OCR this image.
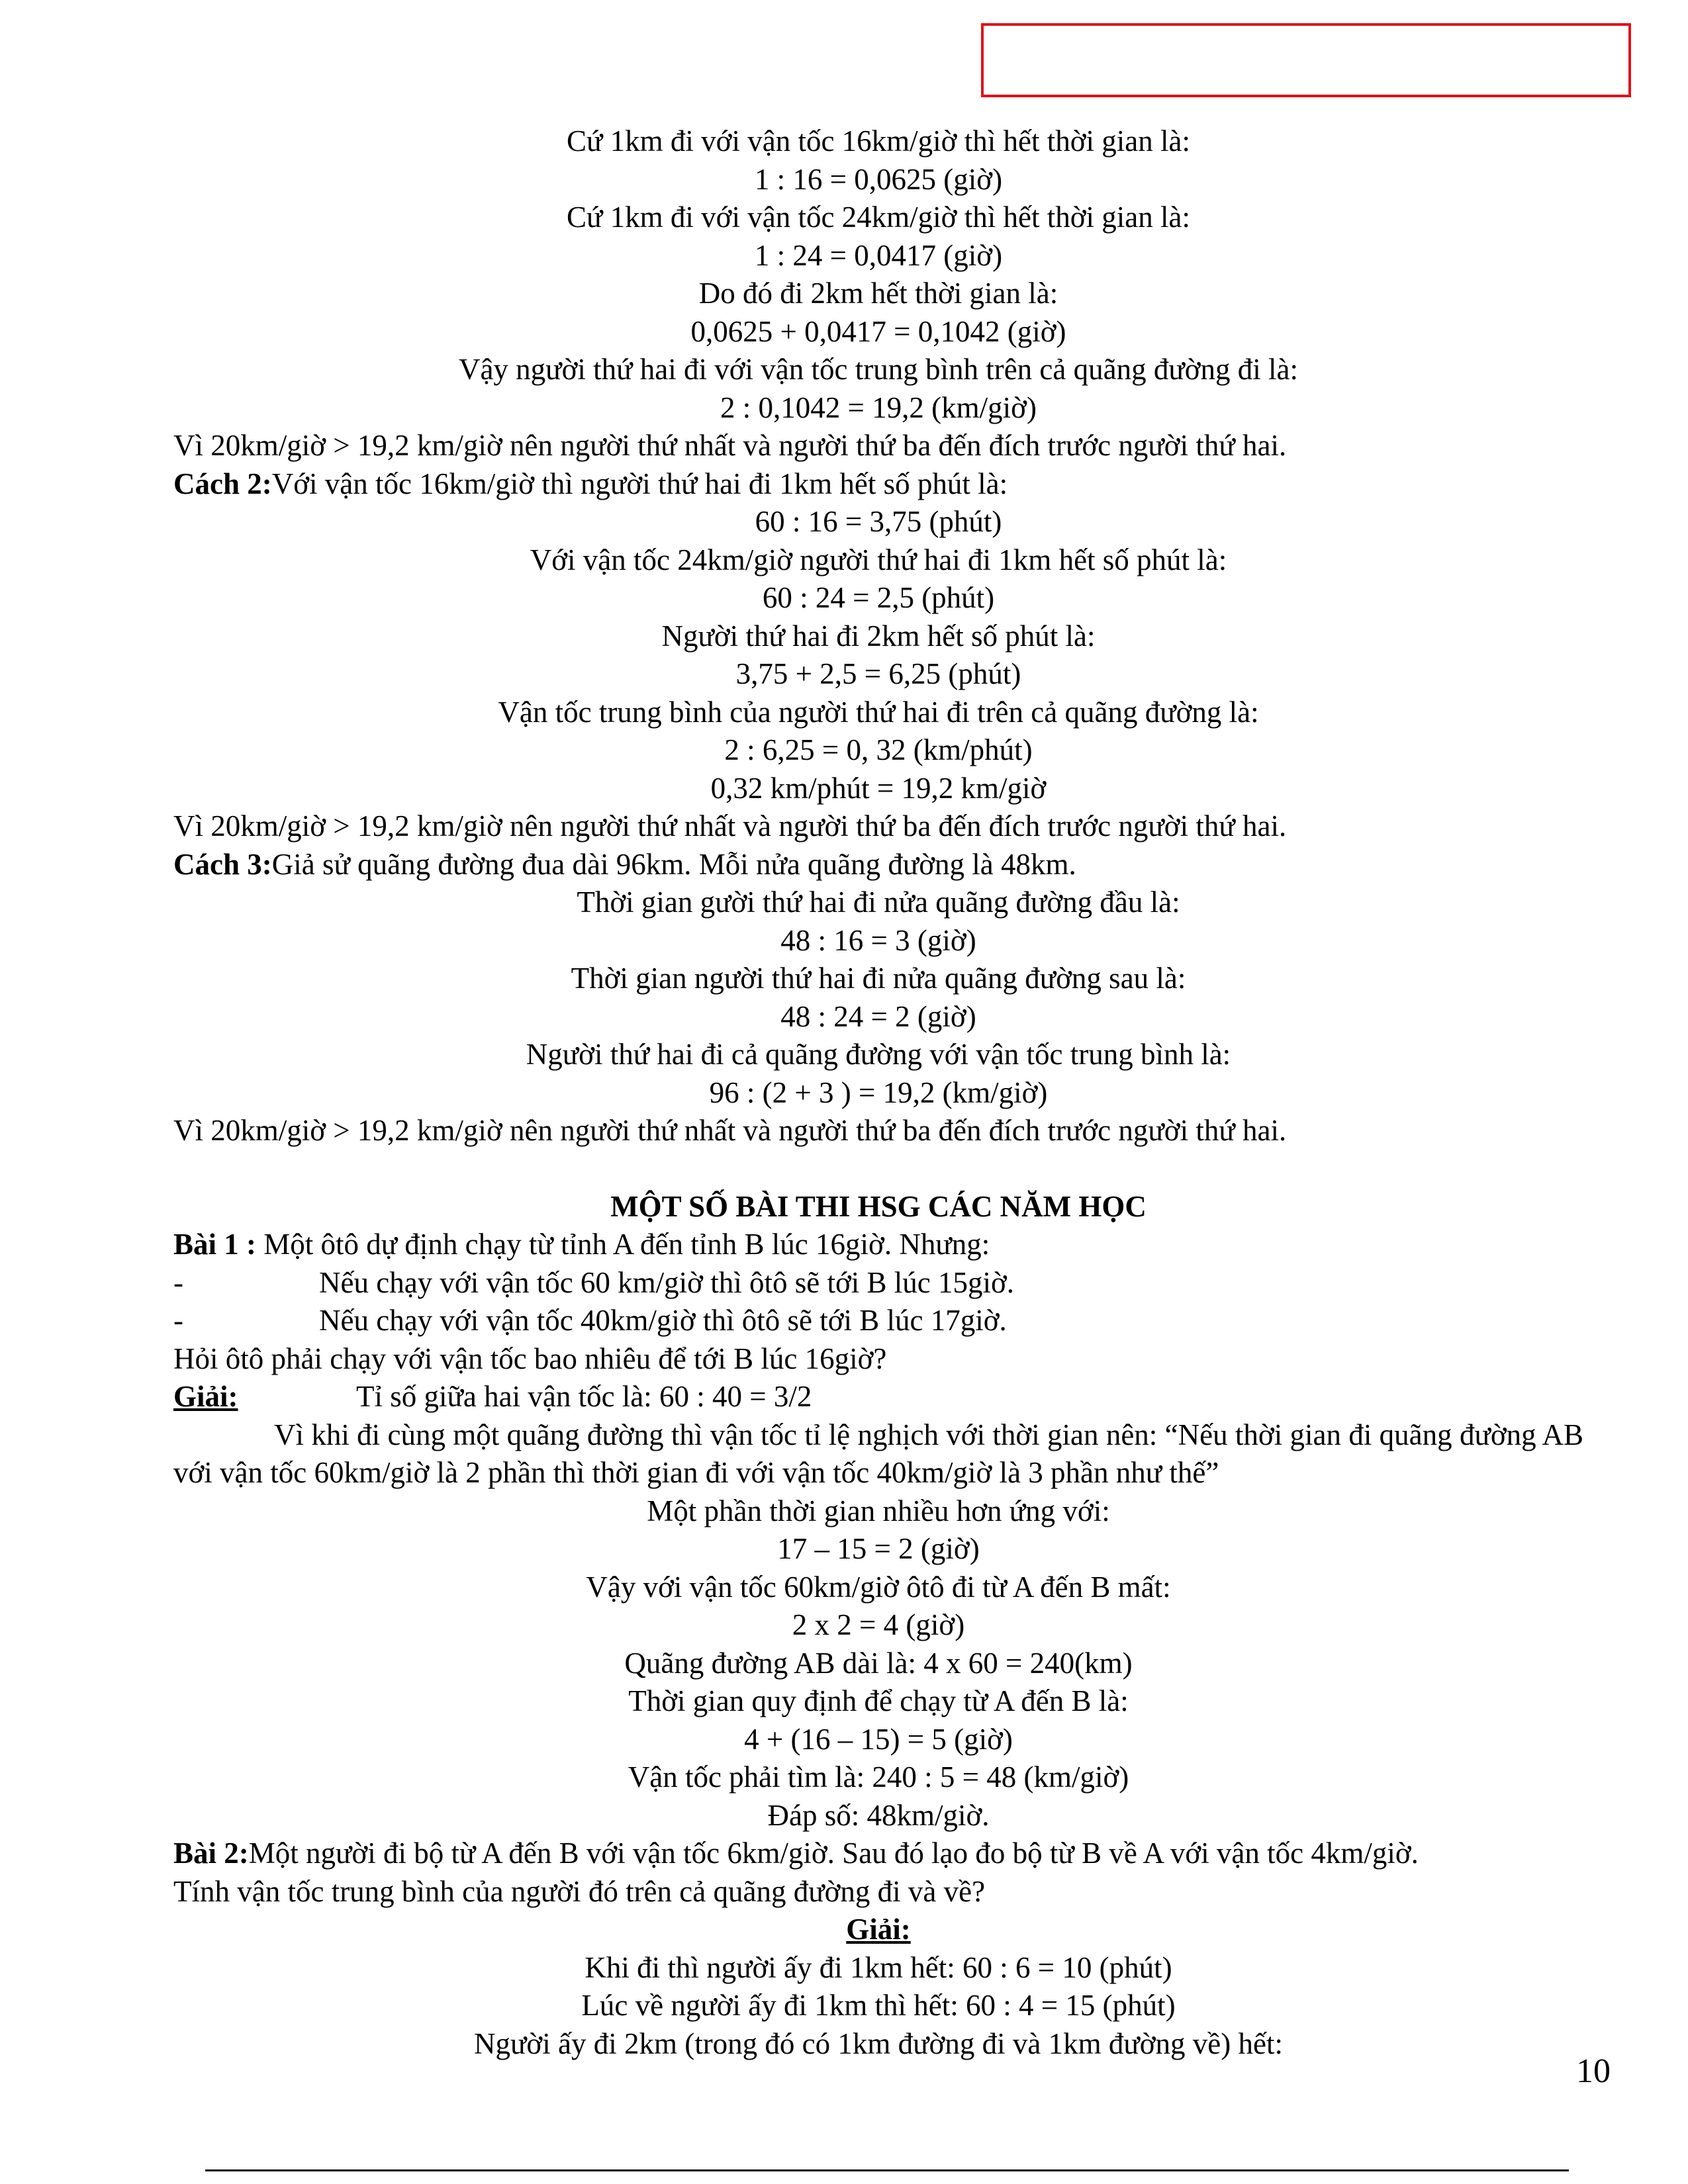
Cứ 1km đi với vận tốc 16km/giờ thì hết thời gian là:
1 : 16 = 0,0625 (giờ)
Cứ 1km đi với vận tốc 24km/giờ thì hết thời gian là:
1 : 24 = 0,0417 (giờ)
Do đó đi 2km hết thời gian là:
0,0625 + 0,0417 = 0,1042 (giờ)
Vậy người thứ hai đi với vận tốc trung bình trên cả quãng đường đi là:
2 : 0,1042 = 19,2 (km/giờ)
Vì 20km/giờ > 19,2 km/giờ nên người thứ nhất và người thứ ba đến đích trước người thứ hai.
Cách 2:Với vận tốc 16km/giờ thì người thứ hai đi 1km hết số phút là:
60 : 16 = 3,75 (phút)
Với vận tốc 24km/giờ người thứ hai đi 1km hết số phút là:
60 : 24 = 2,5 (phút)
Người thứ hai đi 2km hết số phút là:
3,75 + 2,5 = 6,25 (phút)
Vận tốc trung bình của người thứ hai đi trên cả quãng đường là:
2 : 6,25 = 0, 32 (km/phút)
0,32 km/phút = 19,2 km/giờ
Vì 20km/giờ > 19,2 km/giờ nên người thứ nhất và người thứ ba đến đích trước người thứ hai.
Cách 3:Giả sử quãng đường đua dài 96km. Mỗi nửa quãng đường là 48km.
Thời gian gười thứ hai đi nửa quãng đường đầu là:
48 : 16 = 3 (giờ)
Thời gian người thứ hai đi nửa quãng đường sau là:
48 : 24 = 2 (giờ)
Người thứ hai đi cả quãng đường với vận tốc trung bình là:
96 : (2 + 3 ) = 19,2 (km/giờ)
Vì 20km/giờ > 19,2 km/giờ nên người thứ nhất và người thứ ba đến đích trước người thứ hai.
MỘT SỐ BÀI THI HSG CÁC NĂM HỌC
Bài 1 : Một ôtô dự định chạy từ tỉnh A đến tỉnh B lúc 16giờ. Nhưng:
-	Nếu chạy với vận tốc 60 km/giờ thì ôtô sẽ tới B lúc 15giờ.
-	Nếu chạy với vận tốc 40km/giờ thì ôtô sẽ tới B lúc 17giờ.
Hỏi ôtô phải chạy với vận tốc bao nhiêu để tới B lúc 16giờ?
Giải:	Tỉ số giữa hai vận tốc là: 60 : 40 = 3/2
Vì khi đi cùng một quãng đường thì vận tốc tỉ lệ nghịch với thời gian nên: “Nếu thời gian đi quãng đường AB với vận tốc 60km/giờ là 2 phần thì thời gian đi với vận tốc 40km/giờ là 3 phần như thế”
Một phần thời gian nhiều hơn ứng với:
17 – 15 = 2 (giờ)
Vậy với vận tốc 60km/giờ ôtô đi từ A đến B mất:
2 x 2 = 4 (giờ)
Quãng đường AB dài là: 4 x 60 = 240(km)
Thời gian quy định để chạy từ A đến B là:
4 + (16 – 15) = 5 (giờ)
Vận tốc phải tìm là: 240 : 5 = 48 (km/giờ)
Đáp số: 48km/giờ.
Bài 2:Một người đi bộ từ A đến B với vận tốc 6km/giờ. Sau đó lạo đo bộ từ B về A với vận tốc 4km/giờ.
Tính vận tốc trung bình của người đó trên cả quãng đường đi và về?
Giải:
Khi đi thì người ấy đi 1km hết: 60 : 6 = 10 (phút)
Lúc về người ấy đi 1km thì hết: 60 : 4 = 15 (phút)
Người ấy đi 2km (trong đó có 1km đường đi và 1km đường về) hết:
10
